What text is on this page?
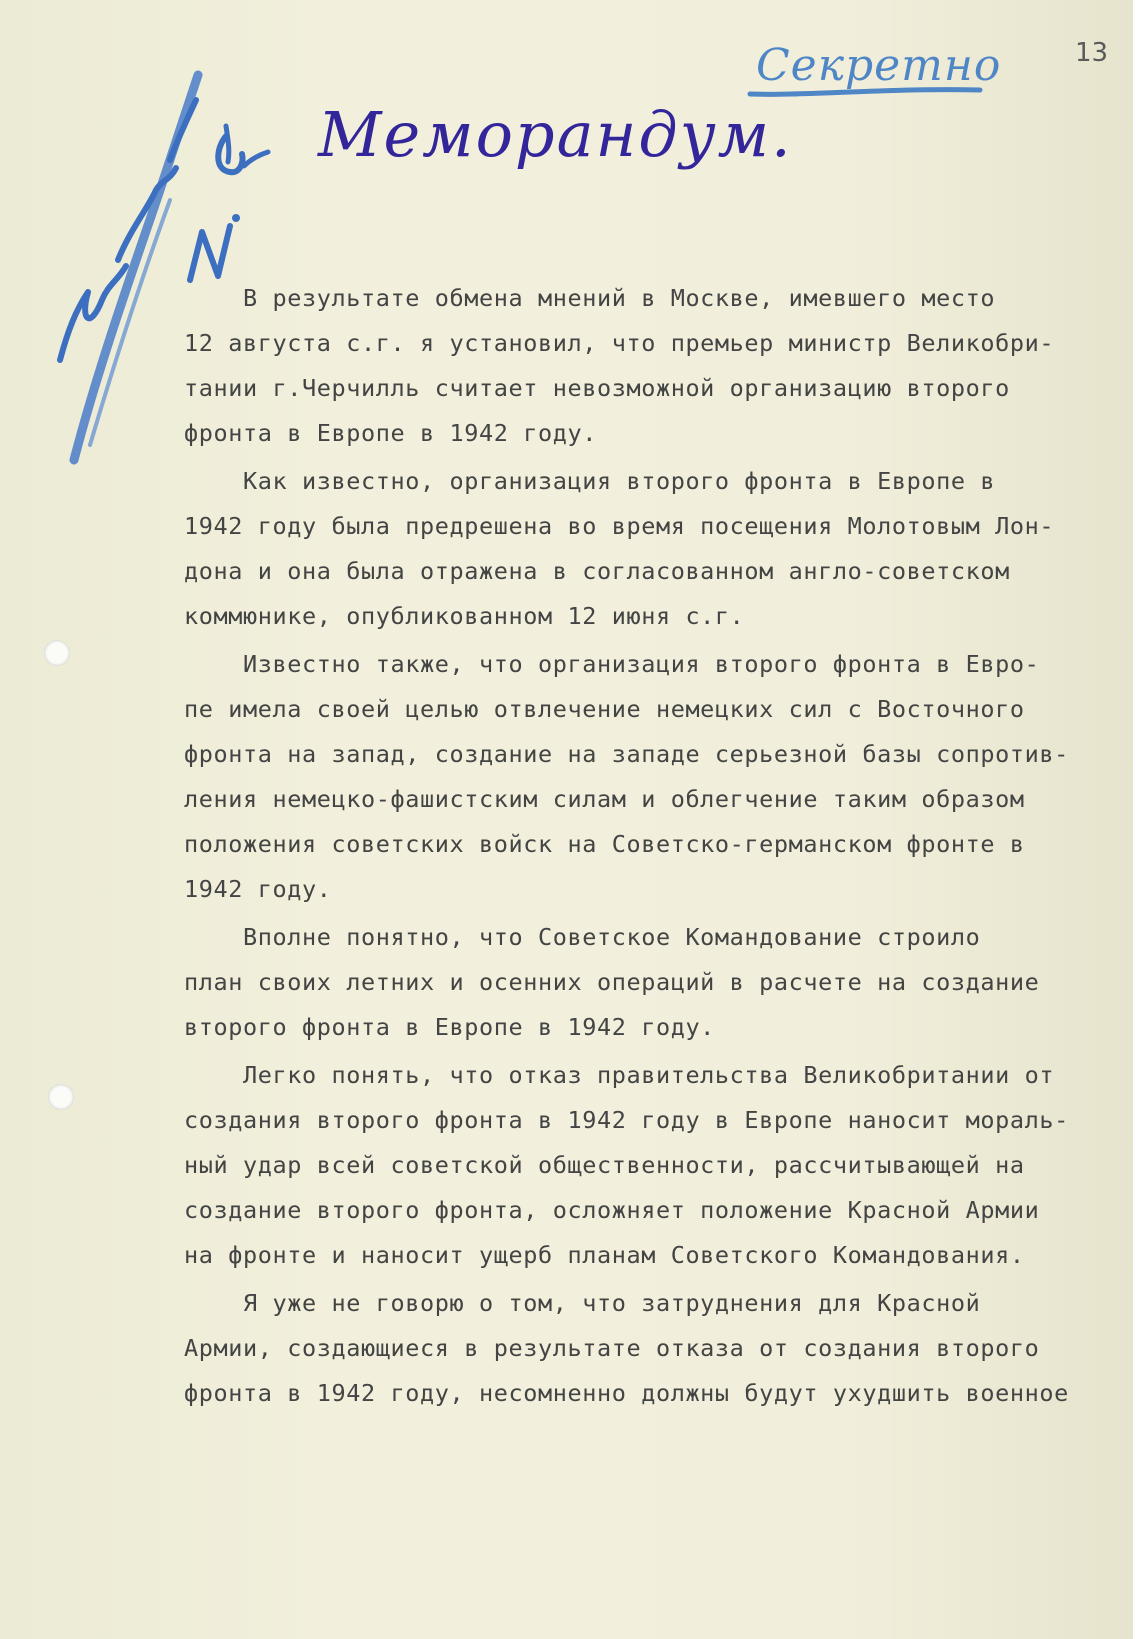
13
Секретно
Меморандум.
В результате обмена мнений в Москве, имевшего место
12 августа с.г. я установил, что премьер министр Великобри-
тании г.Черчилль считает невозможной организацию второго
фронта в Европе в 1942 году.
Как известно, организация второго фронта в Европе в
1942 году была предрешена во время посещения Молотовым Лон-
дона и она была отражена в согласованном англо-советском
коммюнике, опубликованном 12 июня с.г.
Известно также, что организация второго фронта в Евро-
пе имела своей целью отвлечение немецких сил с Восточного
фронта на запад, создание на западе серьезной базы сопротив-
ления немецко-фашистским силам и облегчение таким образом
положения советских войск на Советско-германском фронте в
1942 году.
Вполне понятно, что Советское Командование строило
план своих летних и осенних операций в расчете на создание
второго фронта в Европе в 1942 году.
Легко понять, что отказ правительства Великобритании от
создания второго фронта в 1942 году в Европе наносит мораль-
ный удар всей советской общественности, рассчитывающей на
создание второго фронта, осложняет положение Красной Армии
на фронте и наносит ущерб планам Советского Командования.
Я уже не говорю о том, что затруднения для Красной
Армии, создающиеся в результате отказа от создания второго
фронта в 1942 году, несомненно должны будут ухудшить военное
